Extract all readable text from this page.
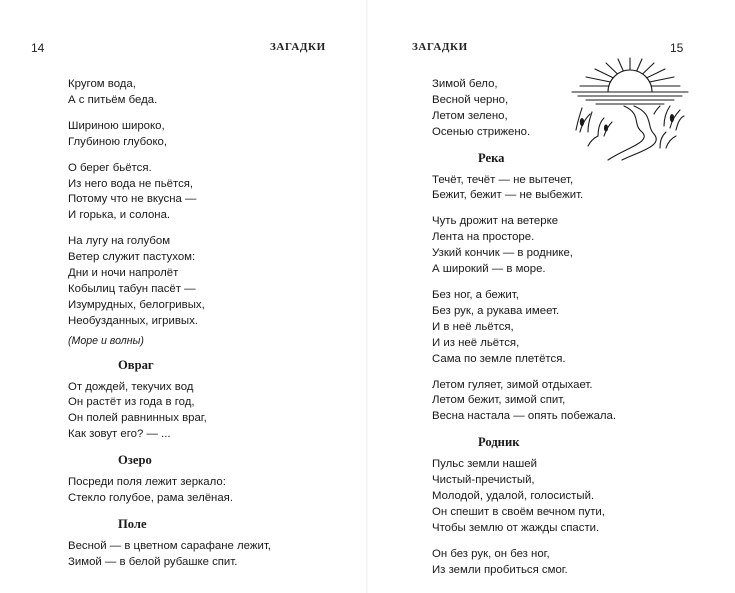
14	ЗАГАДКИ
Кругом вода,
А с питьём беда.
Шириною широко,
Глубиною глубоко,
О берег бьётся.
Из него вода не пьётся,
Потому что не вкусна —
И горька, и солона.
На лугу на голубом
Ветер служит пастухом:
Дни и ночи напролёт
Кобылиц табун пасёт —
Изумрудных, белогривых,
Необузданных, игривых.
(Море и волны)
Овраг
От дождей, текучих вод
Он растёт из года в год,
Он полей равнинных враг,
Как зовут его? — ...
Озеро
Посреди поля лежит зеркало:
Стекло голубое, рама зелёная.
Поле
Весной — в цветном сарафане лежит,
Зимой — в белой рубашке спит.
ЗАГАДКИ	15
Зимой бело,
Весной черно,
Летом зелено,
Осенью стрижено.
Река
Течёт, течёт — не вытечет,
Бежит, бежит — не выбежит.
Чуть дрожит на ветерке
Лента на просторе.
Узкий кончик — в роднике,
А широкий — в море.
Без ног, а бежит,
Без рук, а рукава имеет.
И в неё льётся,
И из неё льётся,
Сама по земле плетётся.
Летом гуляет, зимой отдыхает.
Летом бежит, зимой спит,
Весна настала — опять побежала.
Родник
Пульс земли нашей
Чистый-пречистый,
Молодой, удалой, голосистый.
Он спешит в своём вечном пути,
Чтобы землю от жажды спасти.
Он без рук, он без ног,
Из земли пробиться смог.
